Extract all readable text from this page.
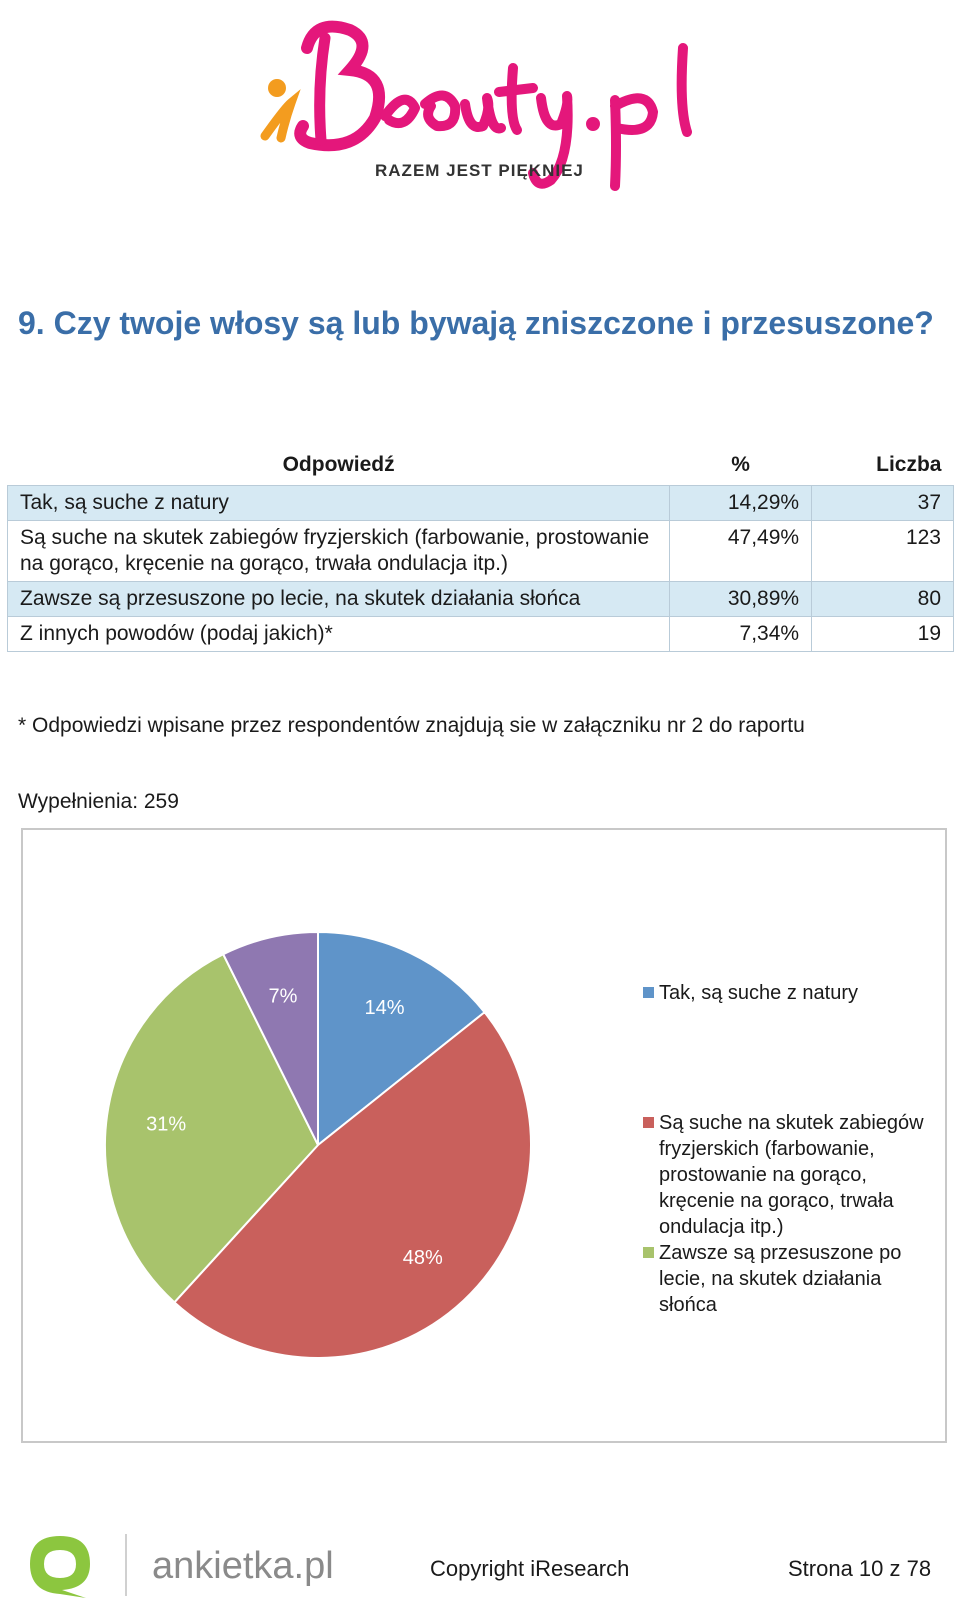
RAZEM JEST PIĘKNIEJ
9. Czy twoje włosy są lub bywają zniszczone i przesuszone?
Odpowiedź	%	Liczba
Tak, są suche z natury	14,29%	37
Są suche na skutek zabiegów fryzjerskich (farbowanie, prostowanie na gorąco, kręcenie na gorąco, trwała ondulacja itp.)	47,49%	123
Zawsze są przesuszone po lecie, na skutek działania słońca	30,89%	80
Z innych powodów (podaj jakich)*	7,34%	19
* Odpowiedzi wpisane przez respondentów znajdują sie w załączniku nr 2 do raportu
Wypełnienia: 259
14%
48%
31%
7%	Tak, są suche z natury
Są suche na skutek zabiegów fryzjerskich (farbowanie, prostowanie na gorąco, kręcenie na gorąco, trwała ondulacja itp.)
Zawsze są przesuszone po lecie, na skutek działania słońca
ankietka.pl	Copyright iResearch	Strona 10 z 78
